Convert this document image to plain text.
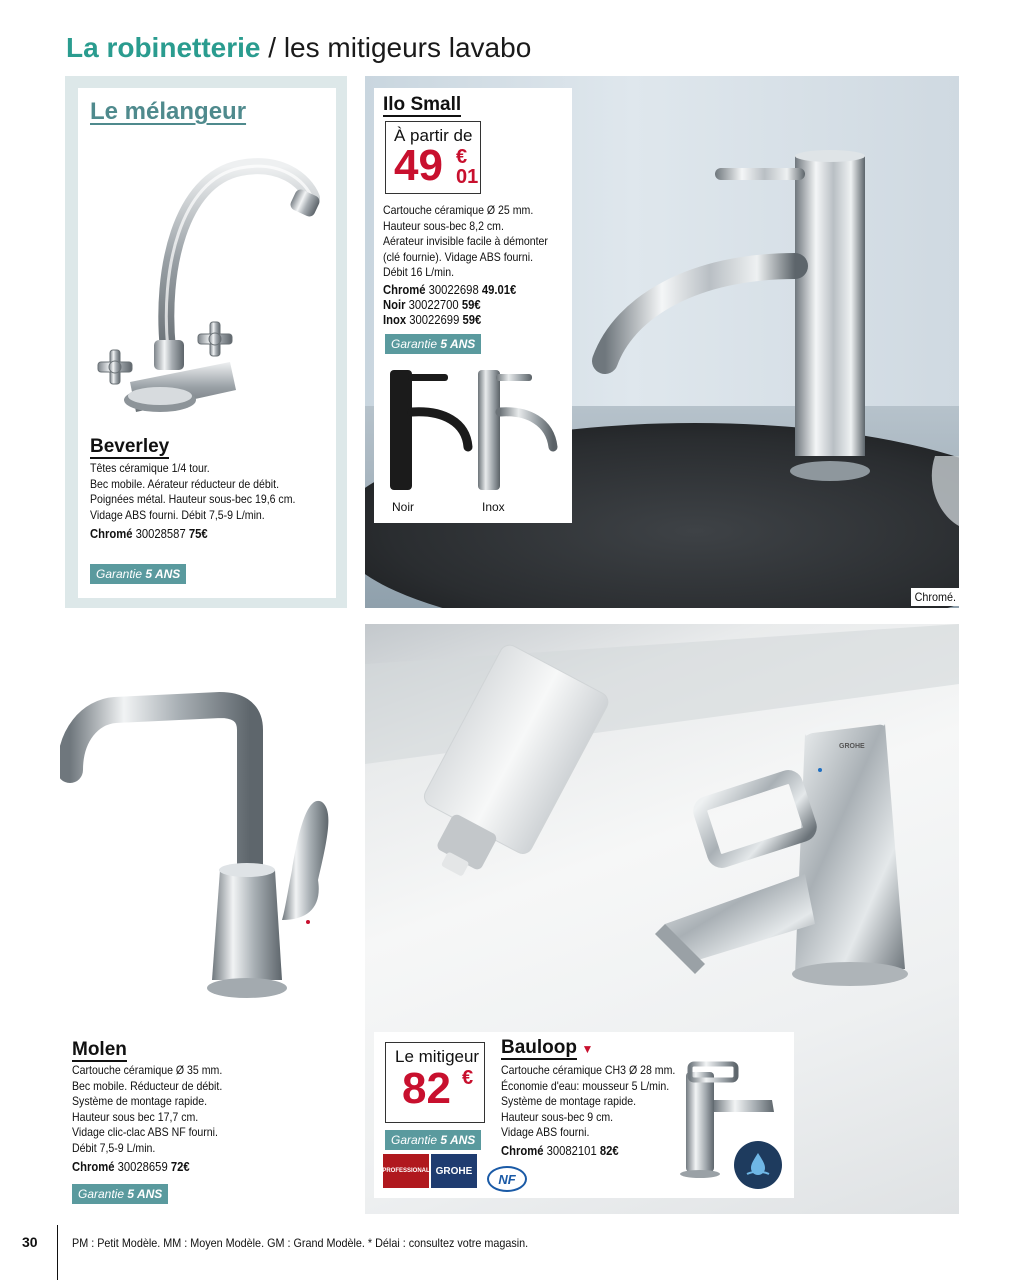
La robinetterie / les mitigeurs lavabo
Le mélangeur
Beverley
Têtes céramique 1/4 tour.
Bec mobile. Aérateur réducteur de débit.
Poignées métal. Hauteur sous-bec 19,6 cm.
Vidage ABS fourni. Débit 7,5-9 L/min.
Chromé 30028587 75€
Garantie 5 ANS
Ilo Small
À partir de
49 €
01
Cartouche céramique Ø 25 mm.
Hauteur sous-bec 8,2 cm.
Aérateur invisible facile à démonter
(clé fournie). Vidage ABS fourni.
Débit 16 L/min.
Chromé 30022698 49.01€
Noir 30022700 59€
Inox 30022699 59€
Garantie 5 ANS
Noir	Inox
Chromé.
Molen
Cartouche céramique Ø 35 mm.
Bec mobile. Réducteur de débit.
Système de montage rapide.
Hauteur sous bec 17,7 cm.
Vidage clic-clac ABS NF fourni.
Débit 7,5-9 L/min.
Chromé 30028659 72€
Garantie 5 ANS
GROHE
Le mitigeur
82 €
Garantie 5 ANS
PROFESSIONAL GROHE
NF
Bauloop ▼
Cartouche céramique CH3 Ø 28 mm.
Économie d'eau: mousseur 5 L/min.
Système de montage rapide.
Hauteur sous-bec 9 cm.
Vidage ABS fourni.
Chromé 30082101 82€
30	PM : Petit Modèle. MM : Moyen Modèle. GM : Grand Modèle. * Délai : consultez votre magasin.
